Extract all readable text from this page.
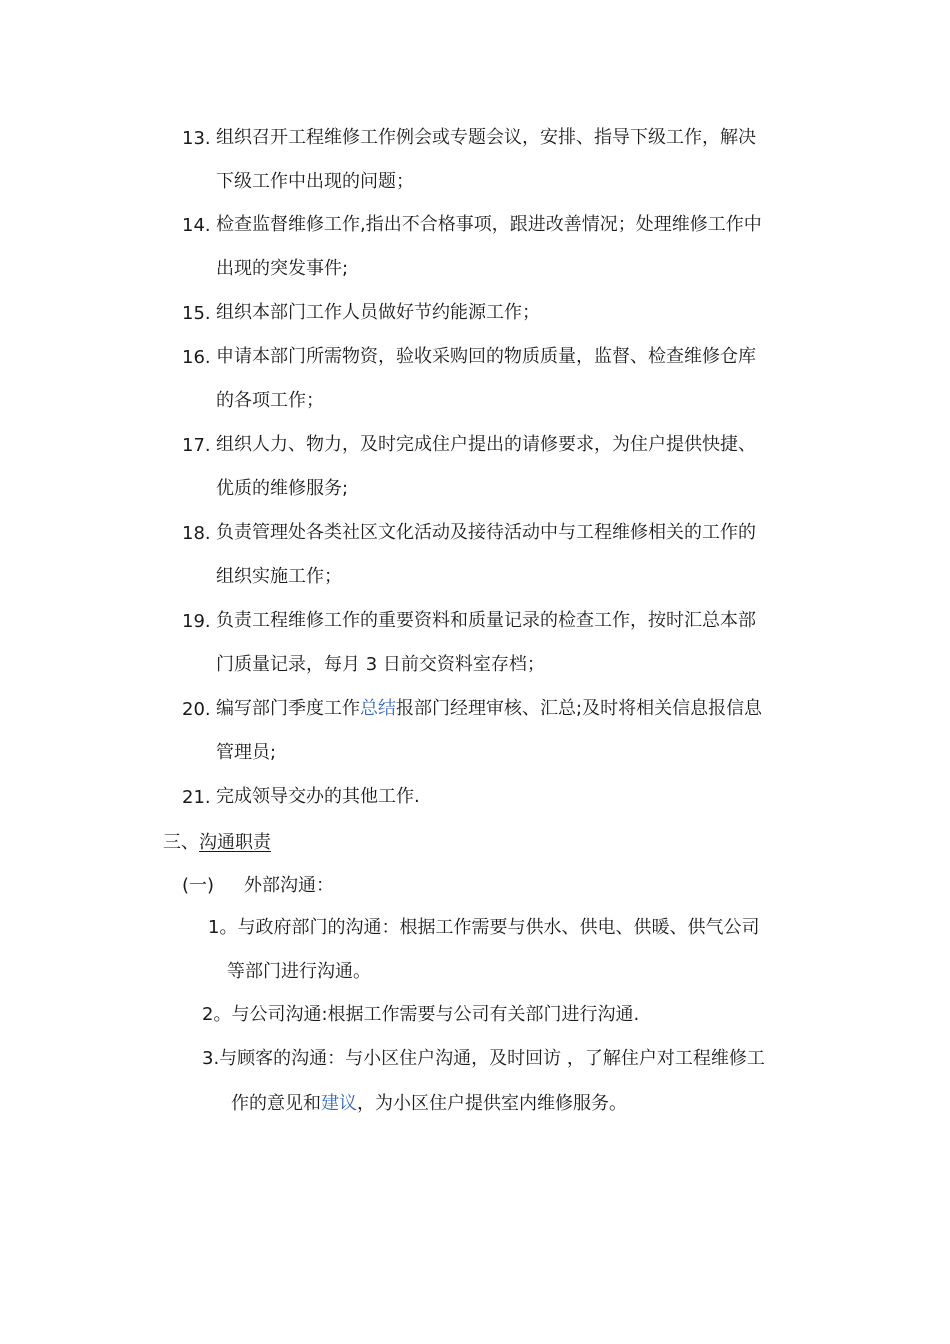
13. 组织召开工程维修工作例会或专题会议，安排、指导下级工作，解决
下级工作中出现的问题；
14. 检查监督维修工作,指出不合格事项，跟进改善情况；处理维修工作中
出现的突发事件;
15. 组织本部门工作人员做好节约能源工作；
16. 申请本部门所需物资，验收采购回的物质质量，监督、检查维修仓库
的各项工作；
17. 组织人力、物力，及时完成住户提出的请修要求，为住户提供快捷、
优质的维修服务;
18. 负责管理处各类社区文化活动及接待活动中与工程维修相关的工作的
组织实施工作；
19. 负责工程维修工作的重要资料和质量记录的检查工作，按时汇总本部
门质量记录，每月 3 日前交资料室存档；
20. 编写部门季度工作总结报部门经理审核、汇总;及时将相关信息报信息
管理员;
21. 完成领导交办的其他工作.
三、沟通职责
(一) 外部沟通：
1。与政府部门的沟通：根据工作需要与供水、供电、供暖、供气公司
等部门进行沟通。
2。与公司沟通:根据工作需要与公司有关部门进行沟通.
3.与顾客的沟通：与小区住户沟通，及时回访 ，了解住户对工程维修工
作的意见和建议，为小区住户提供室内维修服务。
